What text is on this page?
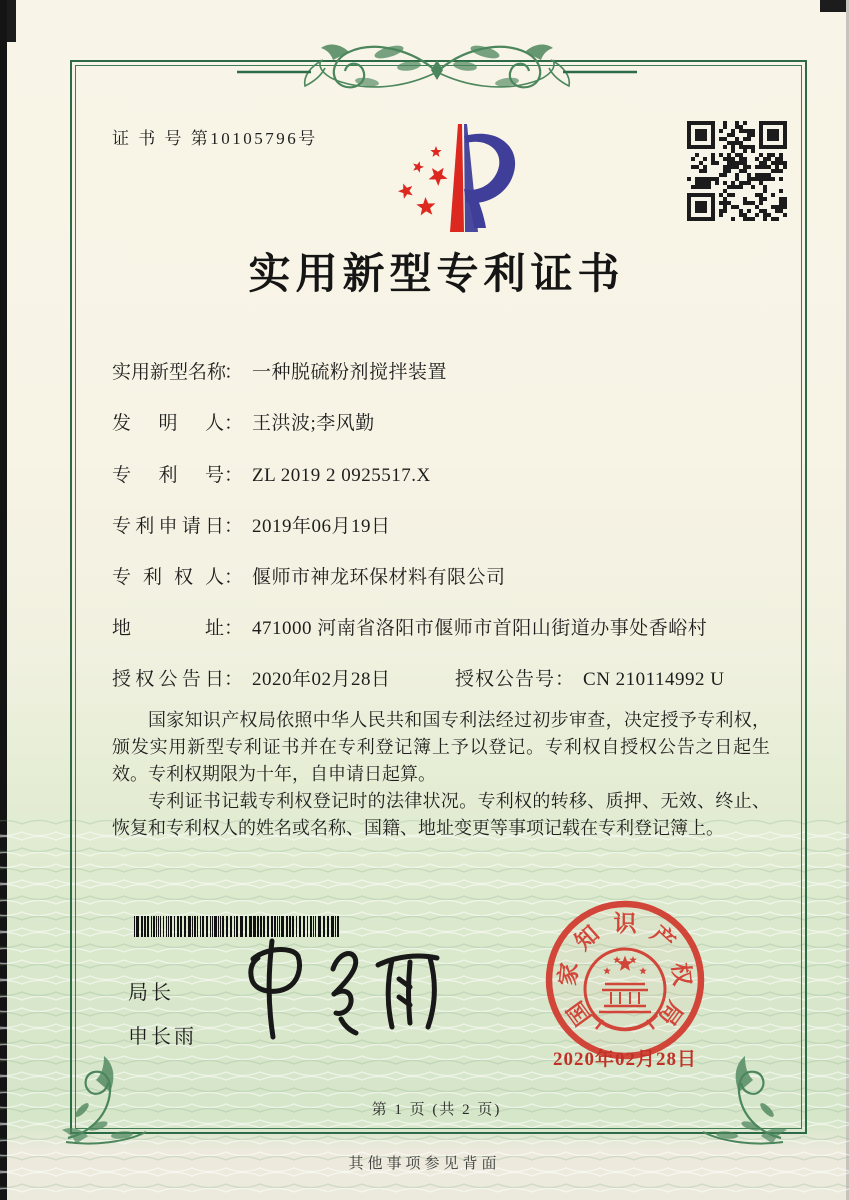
证 书 号 第10105796号
实用新型专利证书
实用新型名称： 一种脱硫粉剂搅拌装置
发明人： 王洪波;李风勤
专利号： ZL 2019 2 0925517.X
专利申请日： 2019年06月19日
专利权人： 偃师市神龙环保材料有限公司
地址： 471000 河南省洛阳市偃师市首阳山街道办事处香峪村
授权公告日： 2020年02月28日	授权公告号： CN 210114992 U

国家知识产权局依照中华人民共和国专利法经过初步审查，决定授予专利权，颁发实用新型专利证书并在专利登记簿上予以登记。专利权自授权公告之日起生效。专利权期限为十年，自申请日起算。

专利证书记载专利权登记时的法律状况。专利权的转移、质押、无效、终止、恢复和专利权人的姓名或名称、国籍、地址变更等事项记载在专利登记簿上。

局长
申长雨
国
家
知 识 产
权
局
2020年02月28日
第 1 页 (共 2 页)
其他事项参见背面
